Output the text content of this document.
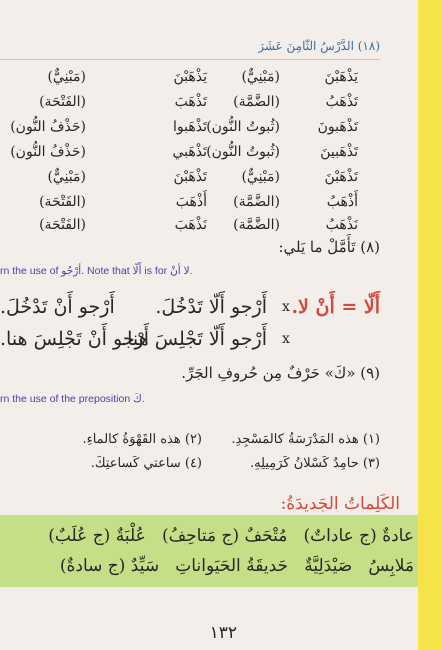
(١٨) الدَّرْسُ الثّامِنَ عَشَرَ
(مَبْنِيٌّ)	يَذْهَبْنَ (مَبْنِيٌّ)	يَذْهَبْنَ
(الفَتْحَة)	تَذْهَبَ (الضَّمَّة)	تَذْهَبُ
(حَذْفُ النُّون)	تَذْهَبوا (ثُبوتُ النُّون)	تَذْهَبونَ
(حَذْفُ النُّون)	تَذْهَبي (ثُبوتُ النُّون)	تَذْهَبينَ
(مَبْنِيٌّ)	تَذْهَبْنَ (مَبْنِيٌّ)	تَذْهَبْنَ
(الفَتْحَة)	أَذْهَبَ (الضَّمَّة)	أَذْهَبُ
(الفَتْحَة)	نَذْهَبَ (الضَّمَّة)	نَذْهَبُ
(٨) تَأَمَّلْ ما يَلي:
rn the use of أرْجُو. Note that أَلّا is for لا أنْ.
أَلّا = أَنْ لا.
أَرْجو أَلّا تَدْخُلَ. x
أَرْجو أَنْ تَدْخُلَ.
أَرْجو أَلّا تَجْلِسَ هنا. x
أَرْجو أَنْ تَجْلِسَ هنا.
(٩) «كَ» حَرْفٌ مِن حُروفِ الجَرِّ.
rn the use of the preposition كَ.
(١) هذه المَدْرَسَةُ كالمَسْجِدِ.
(٢) هذه القَهْوَةُ كالماءِ.
(٣) حامِدٌ كَسْلانُ كَرَمِيلِهِ.
(٤) ساعتي كَساعتِكَ.
الكَلِماتُ الجَديدَةُ:
عادةٌ (ج عاداتٌ)   مُتْحَفٌ (ج مَتاحِفُ)   عُلْبَةٌ (ج عُلَبٌ)
مَلابِسُ   صَيْدَلِيَّةٌ   حَديقَةُ الحَيَواناتِ   سَيِّدٌ (ج سادةٌ)
١٣٢
